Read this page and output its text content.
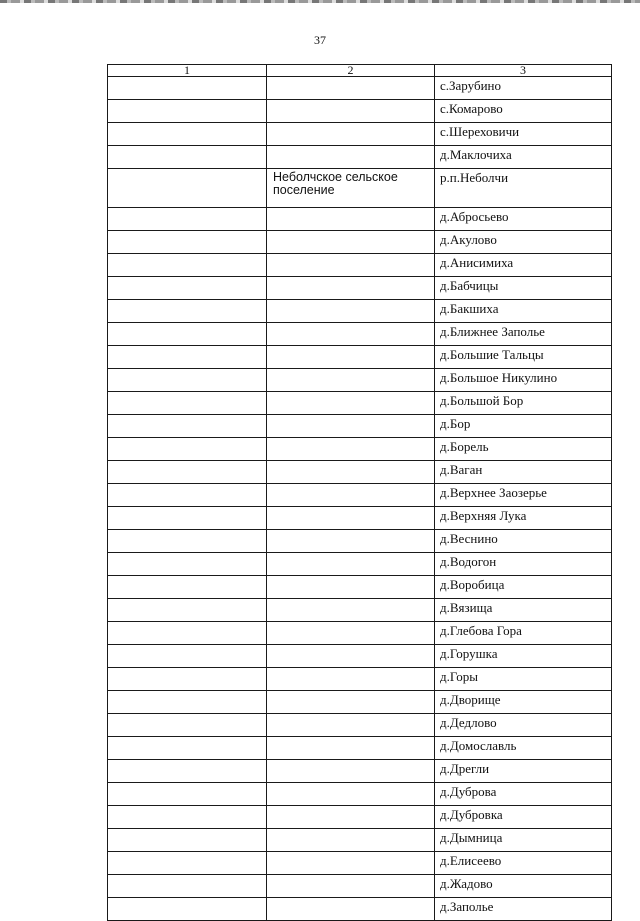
37
1	2	3
		с.Зарубино
		с.Комарово
		с.Шереховичи
		д.Маклочиха
	Неболчское сельское поселение	р.п.Неболчи
		д.Абросьево
		д.Акулово
		д.Анисимиха
		д.Бабчицы
		д.Бакшиха
		д.Ближнее Заполье
		д.Большие Тальцы
		д.Большое Никулино
		д.Большой Бор
		д.Бор
		д.Борель
		д.Ваган
		д.Верхнее Заозерье
		д.Верхняя Лука
		д.Веснино
		д.Водогон
		д.Воробица
		д.Вязища
		д.Глебова Гора
		д.Горушка
		д.Горы
		д.Дворище
		д.Дедлово
		д.Домославль
		д.Дрегли
		д.Дуброва
		д.Дубровка
		д.Дымница
		д.Елисеево
		д.Жадово
		д.Заполье
